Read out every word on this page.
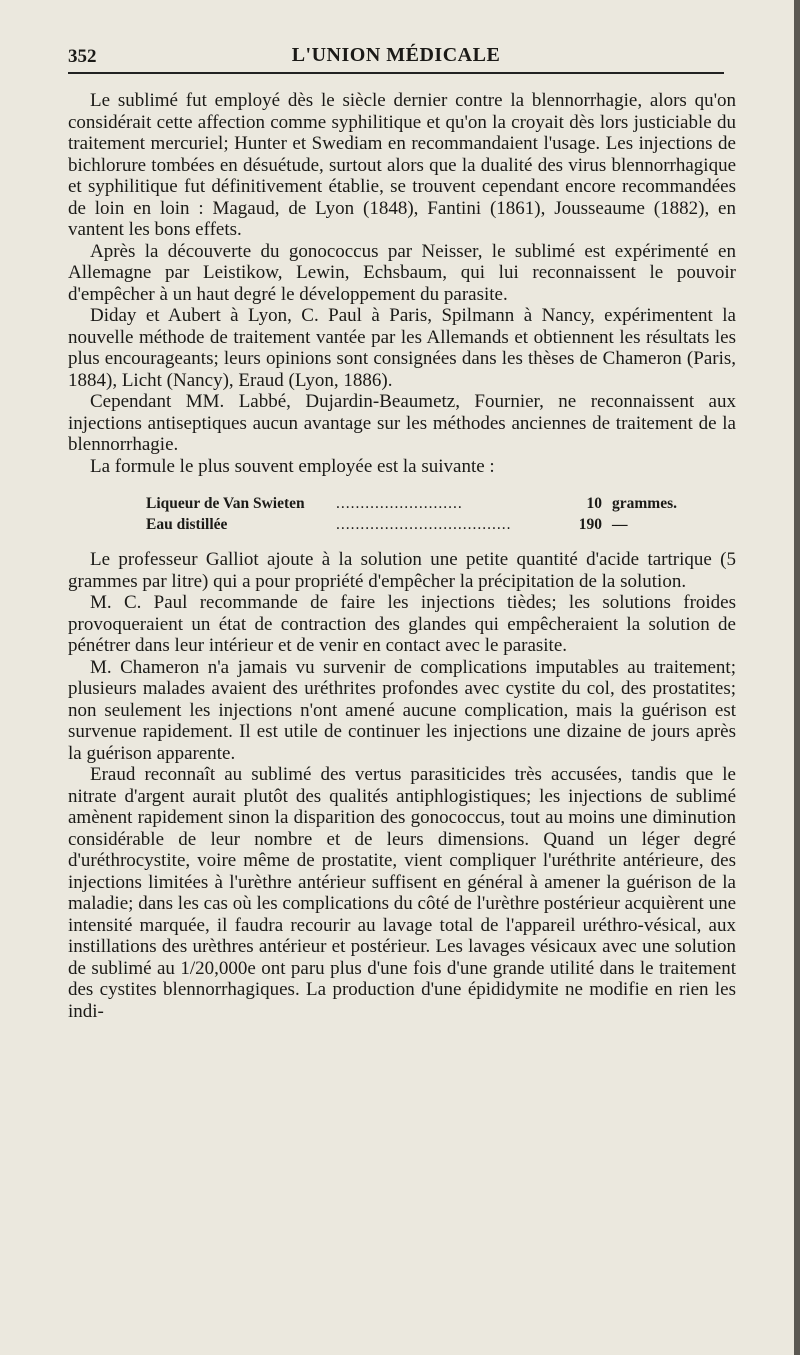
352	L'UNION MÉDICALE

Le sublimé fut employé dès le siècle dernier contre la blennorrhagie, alors qu'on considérait cette affection comme syphilitique et qu'on la croyait dès lors justiciable du traitement mercuriel; Hunter et Swediam en recommandaient l'usage. Les injections de bichlorure tombées en désuétude, surtout alors que la dualité des virus blennorrhagique et syphilitique fut définitivement établie, se trouvent cependant encore recommandées de loin en loin : Magaud, de Lyon (1848), Fantini (1861), Jousseaume (1882), en vantent les bons effets.

Après la découverte du gonococcus par Neisser, le sublimé est expérimenté en Allemagne par Leistikow, Lewin, Echsbaum, qui lui reconnaissent le pouvoir d'empêcher à un haut degré le développement du parasite.

Diday et Aubert à Lyon, C. Paul à Paris, Spilmann à Nancy, expérimentent la nouvelle méthode de traitement vantée par les Allemands et obtiennent les résultats les plus encourageants; leurs opinions sont consignées dans les thèses de Chameron (Paris, 1884), Licht (Nancy), Eraud (Lyon, 1886).

Cependant MM. Labbé, Dujardin-Beaumetz, Fournier, ne reconnaissent aux injections antiseptiques aucun avantage sur les méthodes anciennes de traitement de la blennorrhagie.

La formule le plus souvent employée est la suivante :

Liqueur de Van Swieten	..........................	10 grammes.
Eau distillée	....................................	190 —

Le professeur Galliot ajoute à la solution une petite quantité d'acide tartrique (5 grammes par litre) qui a pour propriété d'empêcher la précipitation de la solution.

M. C. Paul recommande de faire les injections tièdes; les solutions froides provoqueraient un état de contraction des glandes qui empêcheraient la solution de pénétrer dans leur intérieur et de venir en contact avec le parasite.

M. Chameron n'a jamais vu survenir de complications imputables au traitement; plusieurs malades avaient des uréthrites profondes avec cystite du col, des prostatites; non seulement les injections n'ont amené aucune complication, mais la guérison est survenue rapidement. Il est utile de continuer les injections une dizaine de jours après la guérison apparente.

Eraud reconnaît au sublimé des vertus parasiticides très accusées, tandis que le nitrate d'argent aurait plutôt des qualités antiphlogistiques; les injections de sublimé amènent rapidement sinon la disparition des gonococcus, tout au moins une diminution considérable de leur nombre et de leurs dimensions. Quand un léger degré d'uréthrocystite, voire même de prostatite, vient compliquer l'uréthrite antérieure, des injections limitées à l'urèthre antérieur suffisent en général à amener la guérison de la maladie; dans les cas où les complications du côté de l'urèthre postérieur acquièrent une intensité marquée, il faudra recourir au lavage total de l'appareil uréthro-vésical, aux instillations des urèthres antérieur et postérieur. Les lavages vésicaux avec une solution de sublimé au 1/20,000e ont paru plus d'une fois d'une grande utilité dans le traitement des cystites blennorrhagiques. La production d'une épididymite ne modifie en rien les indi-
